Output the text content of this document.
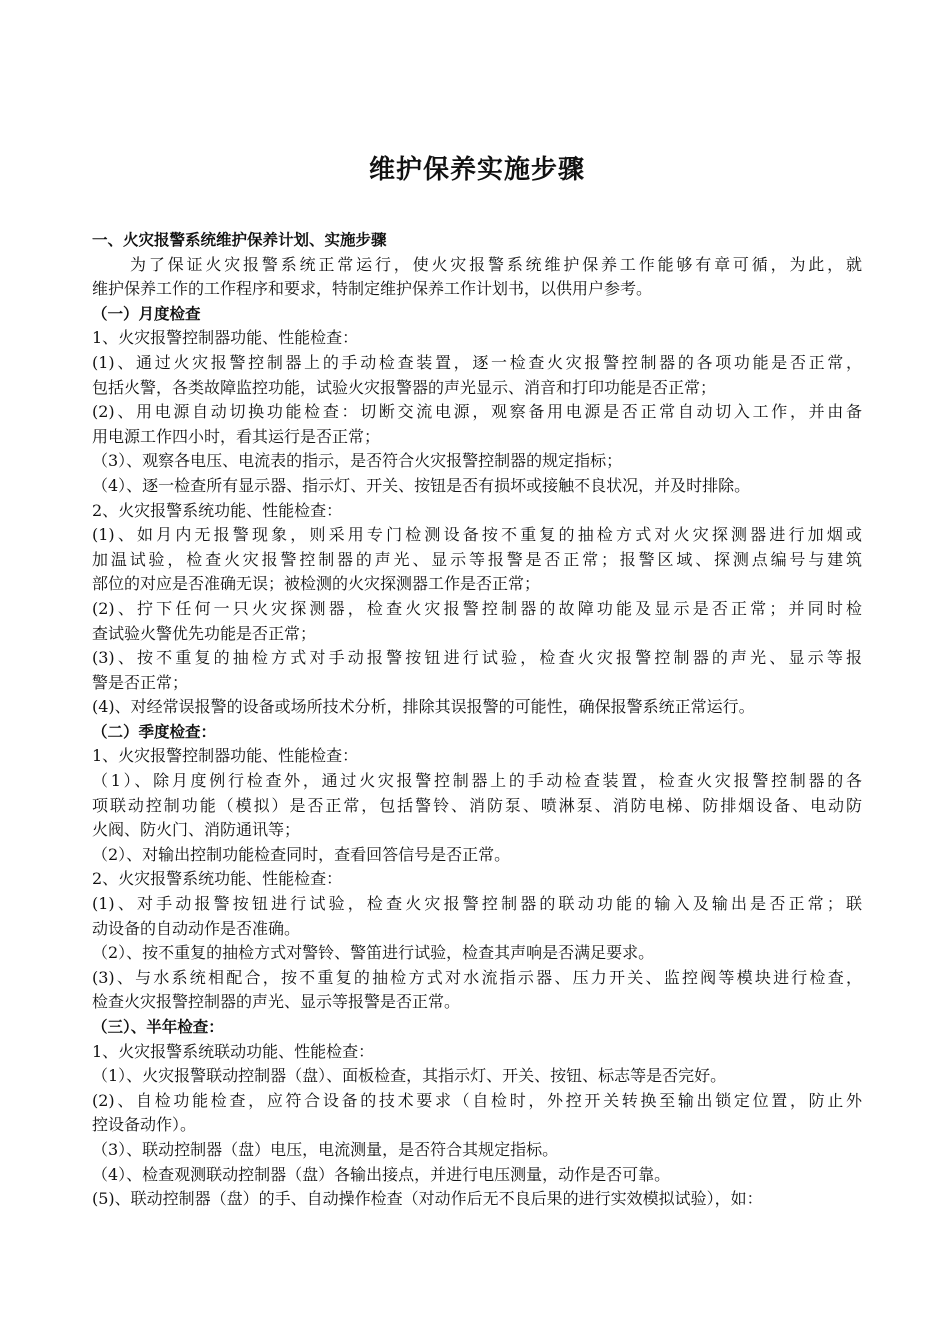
维护保养实施步骤
一、火灾报警系统维护保养计划、实施步骤
为了保证火灾报警系统正常运行，使火灾报警系统维护保养工作能够有章可循，为此，就
维护保养工作的工作程序和要求，特制定维护保养工作计划书，以供用户参考。
（一）月度检查
1、火灾报警控制器功能、性能检查：
(1)、通过火灾报警控制器上的手动检查装置，逐一检查火灾报警控制器的各项功能是否正常，
包括火警，各类故障监控功能，试验火灾报警器的声光显示、消音和打印功能是否正常；
(2)、用电源自动切换功能检查：切断交流电源，观察备用电源是否正常自动切入工作，并由备
用电源工作四小时，看其运行是否正常；
（3）、观察各电压、电流表的指示，是否符合火灾报警控制器的规定指标；
（4）、逐一检查所有显示器、指示灯、开关、按钮是否有损坏或接触不良状况，并及时排除。
2、火灾报警系统功能、性能检查：
(1)、如月内无报警现象，则采用专门检测设备按不重复的抽检方式对火灾探测器进行加烟或
加温试验，检查火灾报警控制器的声光、显示等报警是否正常；报警区域、探测点编号与建筑
部位的对应是否准确无误；被检测的火灾探测器工作是否正常；
(2)、拧下任何一只火灾探测器，检查火灾报警控制器的故障功能及显示是否正常；并同时检
查试验火警优先功能是否正常；
(3)、按不重复的抽检方式对手动报警按钮进行试验，检查火灾报警控制器的声光、显示等报
警是否正常；
(4)、对经常误报警的设备或场所技术分析，排除其误报警的可能性，确保报警系统正常运行。
（二）季度检查：
1、火灾报警控制器功能、性能检查：
（1）、除月度例行检查外，通过火灾报警控制器上的手动检查装置，检查火灾报警控制器的各
项联动控制功能（模拟）是否正常，包括警铃、消防泵、喷淋泵、消防电梯、防排烟设备、电动防
火阀、防火门、消防通讯等；
（2）、对输出控制功能检查同时，查看回答信号是否正常。
2、火灾报警系统功能、性能检查：
(1)、对手动报警按钮进行试验，检查火灾报警控制器的联动功能的输入及输出是否正常；联
动设备的自动动作是否准确。
（2）、按不重复的抽检方式对警铃、警笛进行试验，检查其声响是否满足要求。
(3)、与水系统相配合，按不重复的抽检方式对水流指示器、压力开关、监控阀等模块进行检查，
检查火灾报警控制器的声光、显示等报警是否正常。
（三）、半年检查：
1、火灾报警系统联动功能、性能检查：
（1）、火灾报警联动控制器（盘）、面板检查，其指示灯、开关、按钮、标志等是否完好。
(2)、自检功能检查，应符合设备的技术要求（自检时，外控开关转换至输出锁定位置，防止外
控设备动作）。
（3）、联动控制器（盘）电压，电流测量，是否符合其规定指标。
（4）、检查观测联动控制器（盘）各输出接点，并进行电压测量，动作是否可靠。
(5)、联动控制器（盘）的手、自动操作检查（对动作后无不良后果的进行实效模拟试验），如：
